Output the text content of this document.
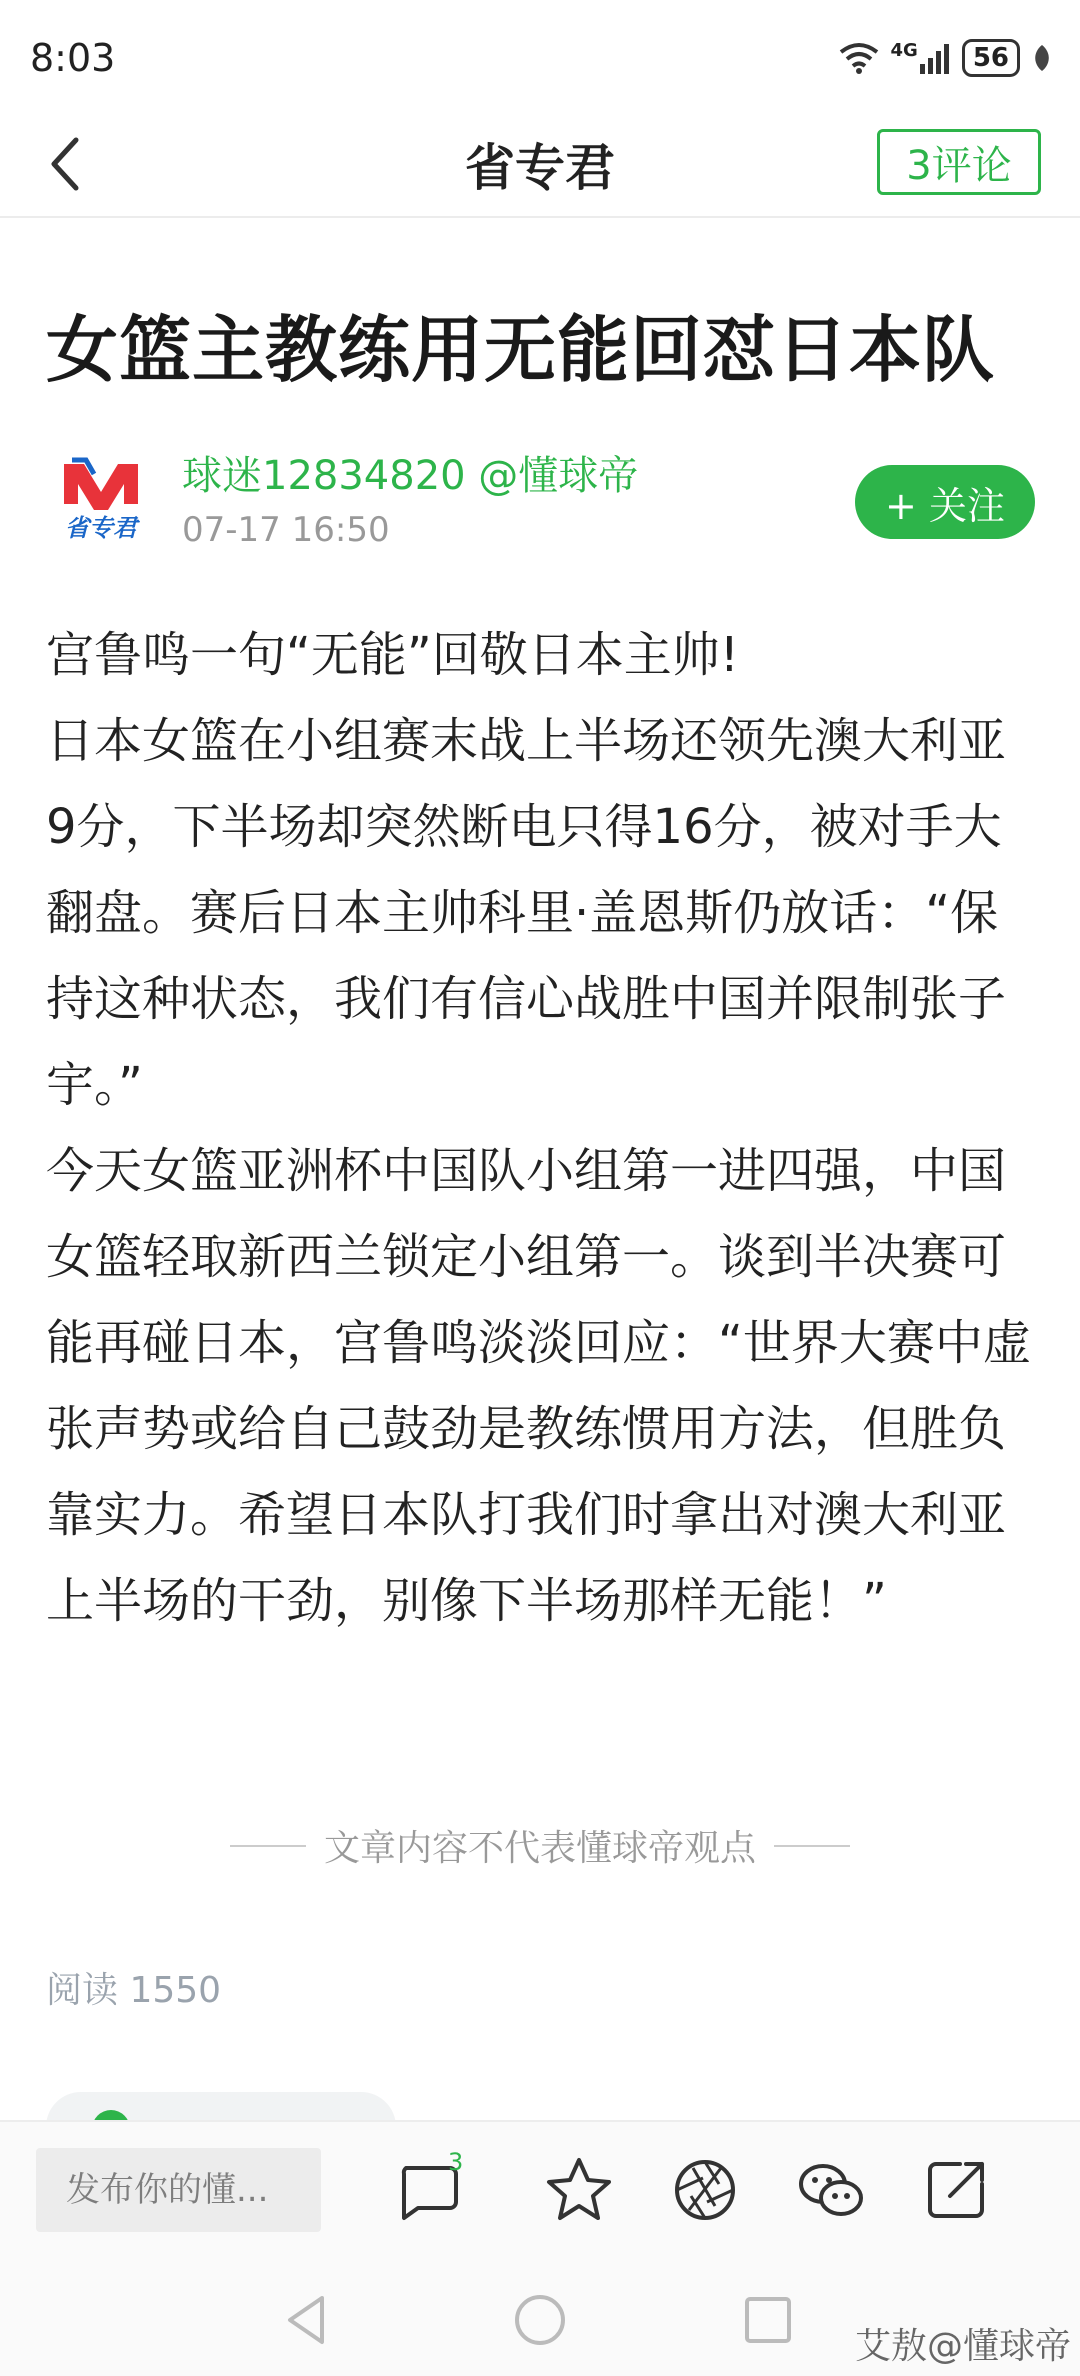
8:03	4G	56
省专君	3评论
女篮主教练用无能回怼日本队
省专君
球迷12834820 @懂球帝
07-17 16:50
+ 关注

宫鲁鸣一句“无能”回敬日本主帅!

日本女篮在小组赛末战上半场还领先澳大利亚9分，下半场却突然断电只得16分，被对手大翻盘。赛后日本主帅科里·盖恩斯仍放话：“保持这种状态，我们有信心战胜中国并限制张子宇。”

今天女篮亚洲杯中国队小组第一进四强，中国女篮轻取新西兰锁定小组第一。谈到半决赛可能再碰日本，宫鲁鸣淡淡回应：“世界大赛中虚张声势或给自己鼓劲是教练惯用方法，但胜负靠实力。希望日本队打我们时拿出对澳大利亚上半场的干劲，别像下半场那样无能！”

文章内容不代表懂球帝观点
阅读 1550
发布你的懂...
3
艾敖@懂球帝
